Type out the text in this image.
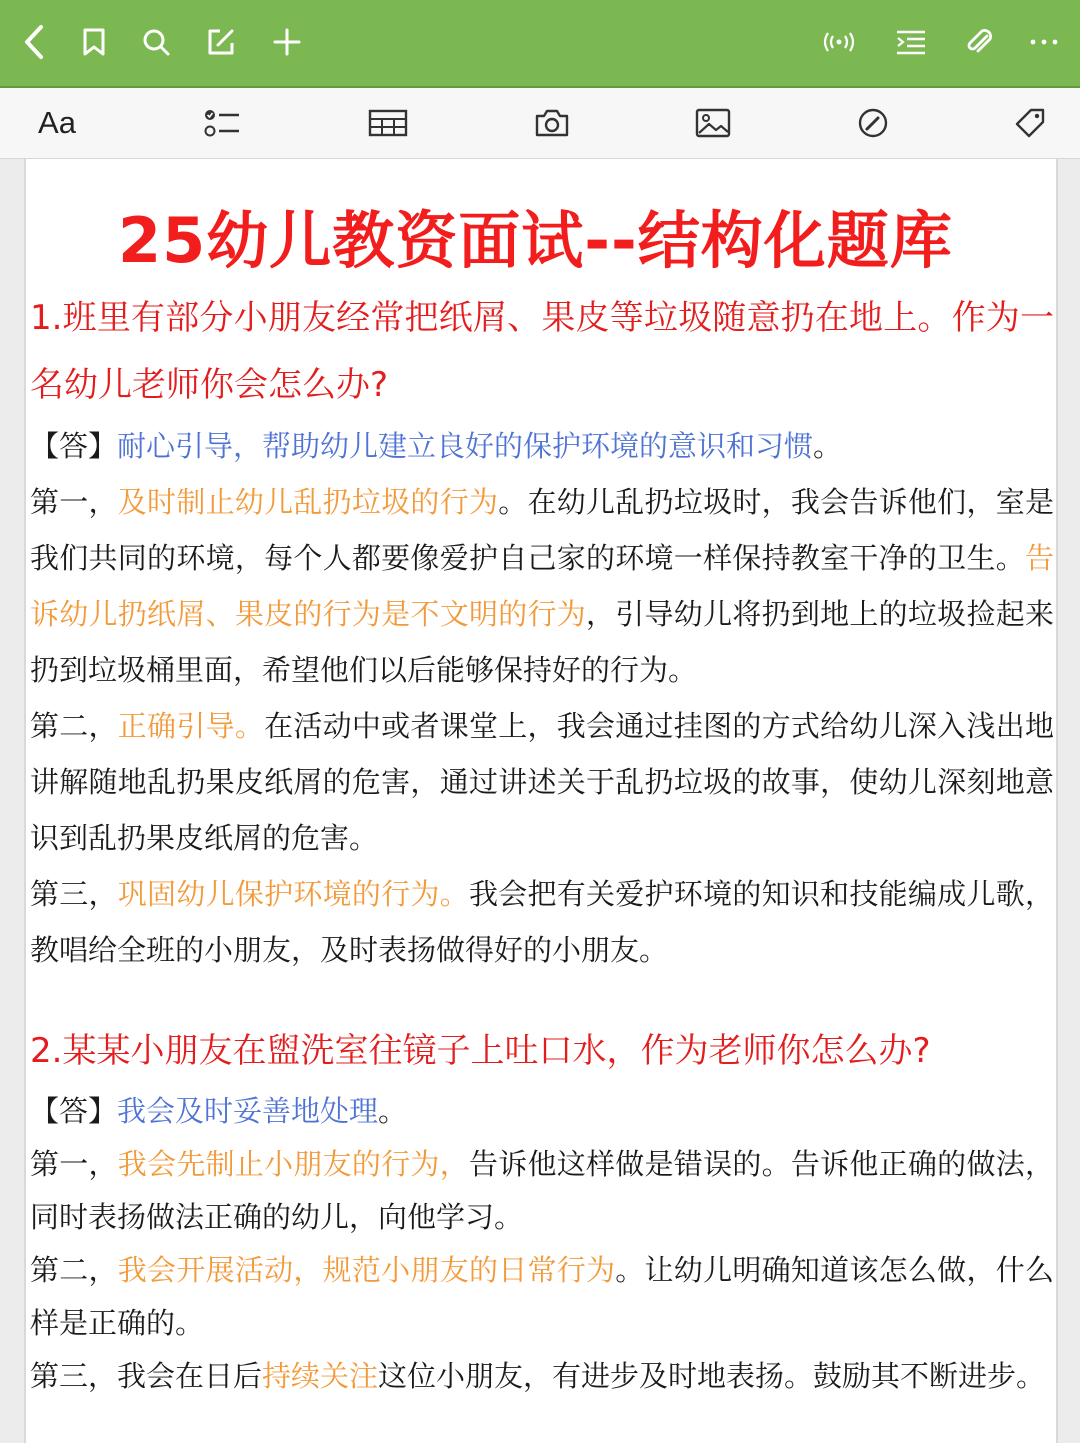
Aa
25幼儿教资面试--结构化题库

1.班里有部分小朋友经常把纸屑、果皮等垃圾随意扔在地上。作为一名幼儿老师你会怎么办?

【答】耐心引导，帮助幼儿建立良好的保护环境的意识和习惯。

第一，及时制止幼儿乱扔垃圾的行为。在幼儿乱扔垃圾时，我会告诉他们，室是我们共同的环境，每个人都要像爱护自己家的环境一样保持教室干净的卫生。告诉幼儿扔纸屑、果皮的行为是不文明的行为，引导幼儿将扔到地上的垃圾捡起来扔到垃圾桶里面，希望他们以后能够保持好的行为。

第二，正确引导。在活动中或者课堂上，我会通过挂图的方式给幼儿深入浅出地讲解随地乱扔果皮纸屑的危害，通过讲述关于乱扔垃圾的故事，使幼儿深刻地意识到乱扔果皮纸屑的危害。

第三，巩固幼儿保护环境的行为。我会把有关爱护环境的知识和技能编成儿歌，教唱给全班的小朋友，及时表扬做得好的小朋友。

2.某某小朋友在盥洗室往镜子上吐口水，作为老师你怎么办?

【答】我会及时妥善地处理。

第一，我会先制止小朋友的行为，告诉他这样做是错误的。告诉他正确的做法，同时表扬做法正确的幼儿，向他学习。

第二，我会开展活动，规范小朋友的日常行为。让幼儿明确知道该怎么做，什么样是正确的。

第三，我会在日后持续关注这位小朋友，有进步及时地表扬。鼓励其不断进步。
